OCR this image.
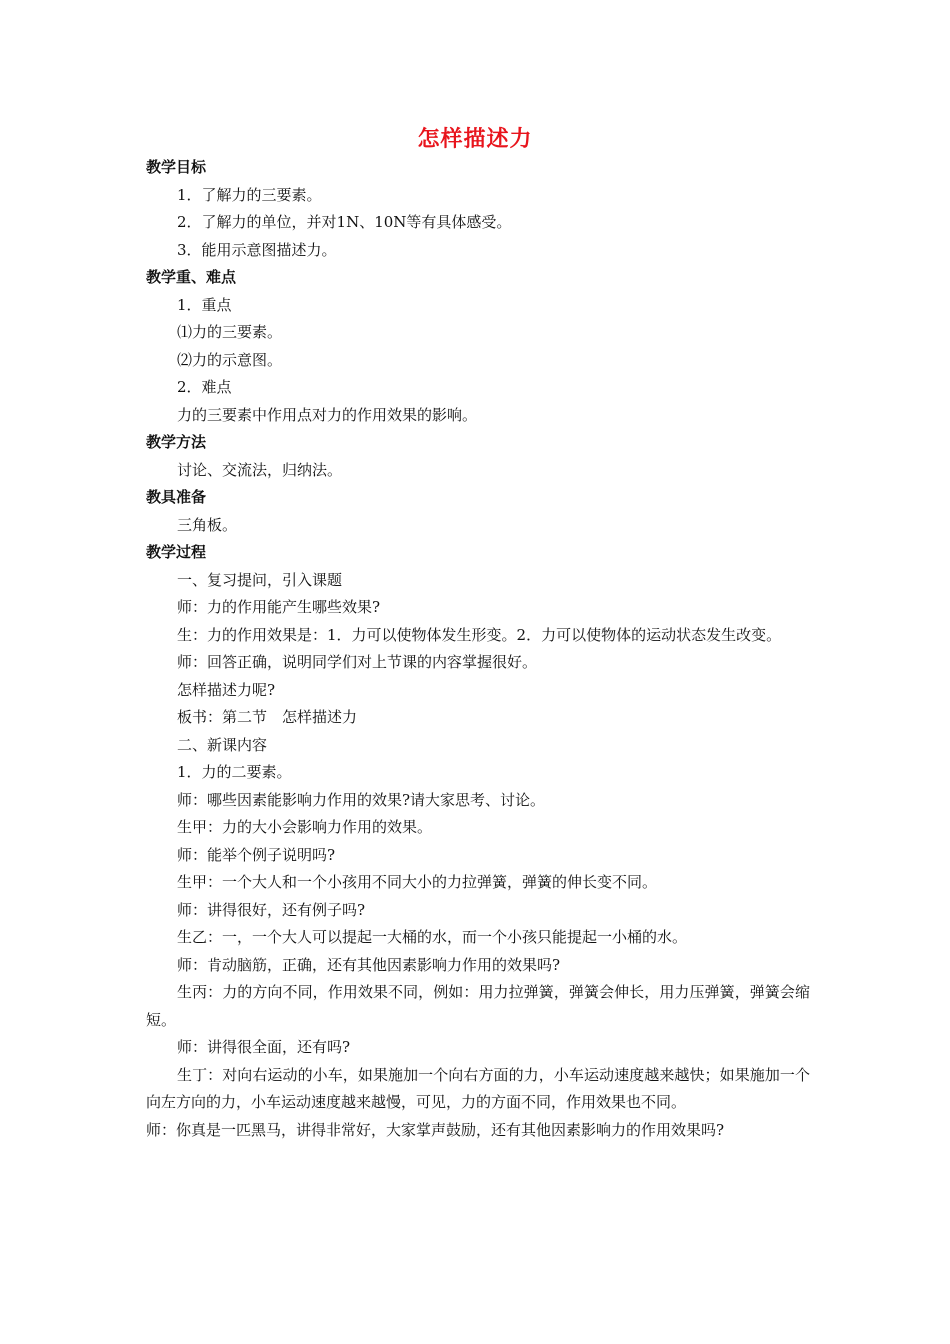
怎样描述力
教学目标
1．了解力的三要素。
2．了解力的单位，并对1N、10N等有具体感受。
3．能用示意图描述力。
教学重、难点
1．重点
⑴力的三要素。
⑵力的示意图。
2．难点
力的三要素中作用点对力的作用效果的影响。
教学方法
讨论、交流法，归纳法。
教具准备
三角板。
教学过程
一、复习提问，引入课题
师：力的作用能产生哪些效果?
生：力的作用效果是：1．力可以使物体发生形变。2．力可以使物体的运动状态发生改变。
师：回答正确，说明同学们对上节课的内容掌握很好。
怎样描述力呢?
板书：第二节　怎样描述力
二、新课内容
1．力的二要素。
师：哪些因素能影响力作用的效果?请大家思考、讨论。
生甲：力的大小会影响力作用的效果。
师：能举个例子说明吗?
生甲：一个大人和一个小孩用不同大小的力拉弹簧，弹簧的伸长变不同。
师：讲得很好，还有例子吗?
生乙：一，一个大人可以提起一大桶的水，而一个小孩只能提起一小桶的水。
师：肯动脑筋，正确，还有其他因素影响力作用的效果吗?
生丙：力的方向不同，作用效果不同，例如：用力拉弹簧，弹簧会伸长，用力压弹簧，弹簧会缩短。
师：讲得很全面，还有吗?
生丁：对向右运动的小车，如果施加一个向右方面的力，小车运动速度越来越快；如果施加一个向左方向的力，小车运动速度越来越慢，可见，力的方面不同，作用效果也不同。
师：你真是一匹黑马，讲得非常好，大家掌声鼓励，还有其他因素影响力的作用效果吗?
